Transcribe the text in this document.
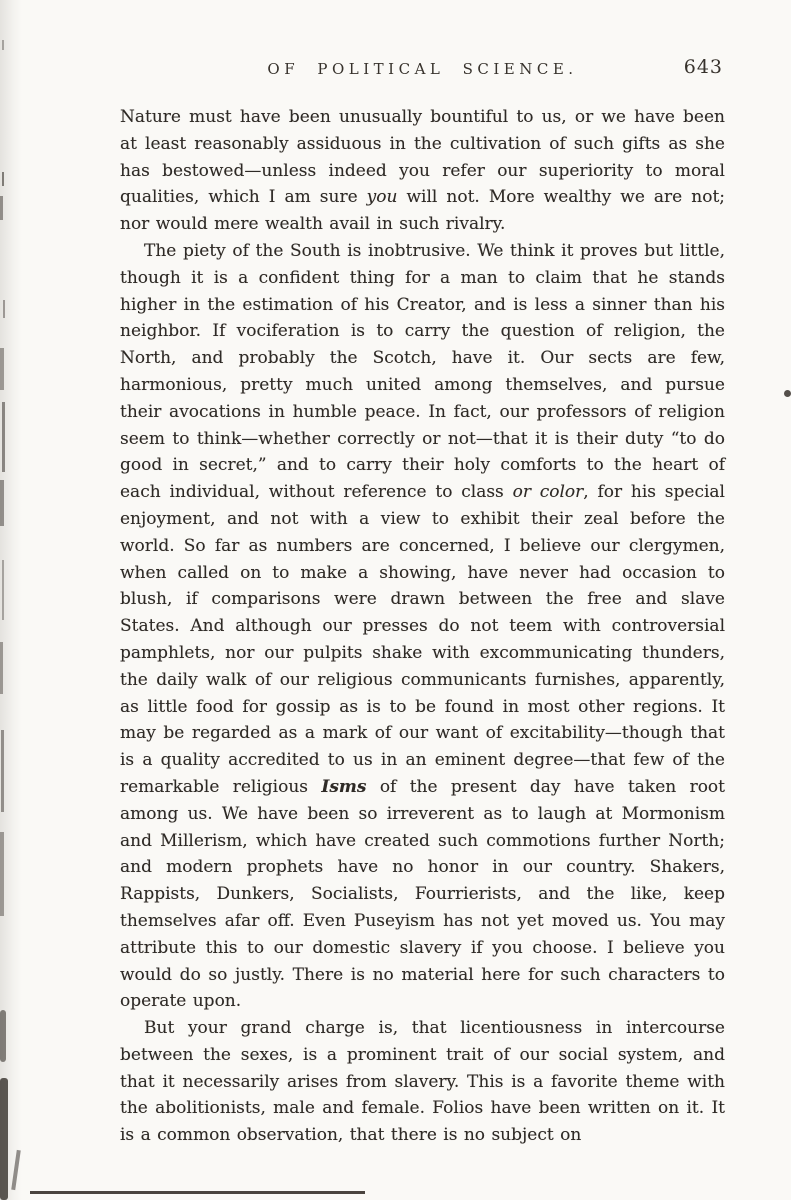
OF POLITICAL SCIENCE.	643

Nature must have been unusually bountiful to us, or we have been at least reasonably assiduous in the cultivation of such gifts as she has bestowed—unless indeed you refer our superiority to moral qualities, which I am sure you will not. More wealthy we are not; nor would mere wealth avail in such rivalry.

The piety of the South is inobtrusive. We think it proves but little, though it is a confident thing for a man to claim that he stands higher in the estimation of his Creator, and is less a sinner than his neighbor. If vociferation is to carry the question of religion, the North, and probably the Scotch, have it. Our sects are few, harmonious, pretty much united among themselves, and pursue their avocations in humble peace. In fact, our professors of religion seem to think—whether correctly or not—that it is their duty “to do good in secret,” and to carry their holy comforts to the heart of each individual, without reference to class or color, for his special enjoyment, and not with a view to exhibit their zeal before the world. So far as numbers are concerned, I believe our clergymen, when called on to make a showing, have never had occasion to blush, if comparisons were drawn between the free and slave States. And although our presses do not teem with controversial pamphlets, nor our pulpits shake with excommunicating thunders, the daily walk of our religious communicants furnishes, apparently, as little food for gossip as is to be found in most other regions. It may be regarded as a mark of our want of excitability—though that is a quality accredited to us in an eminent degree—that few of the remarkable religious Isms of the present day have taken root among us. We have been so irreverent as to laugh at Mormonism and Millerism, which have created such commotions further North; and modern prophets have no honor in our country. Shakers, Rappists, Dunkers, Socialists, Fourrierists, and the like, keep themselves afar off. Even Puseyism has not yet moved us. You may attribute this to our domestic slavery if you choose. I believe you would do so justly. There is no material here for such characters to operate upon.

But your grand charge is, that licentiousness in intercourse between the sexes, is a prominent trait of our social system, and that it necessarily arises from slavery. This is a favorite theme with the abolitionists, male and female. Folios have been written on it. It is a common observation, that there is no subject on
